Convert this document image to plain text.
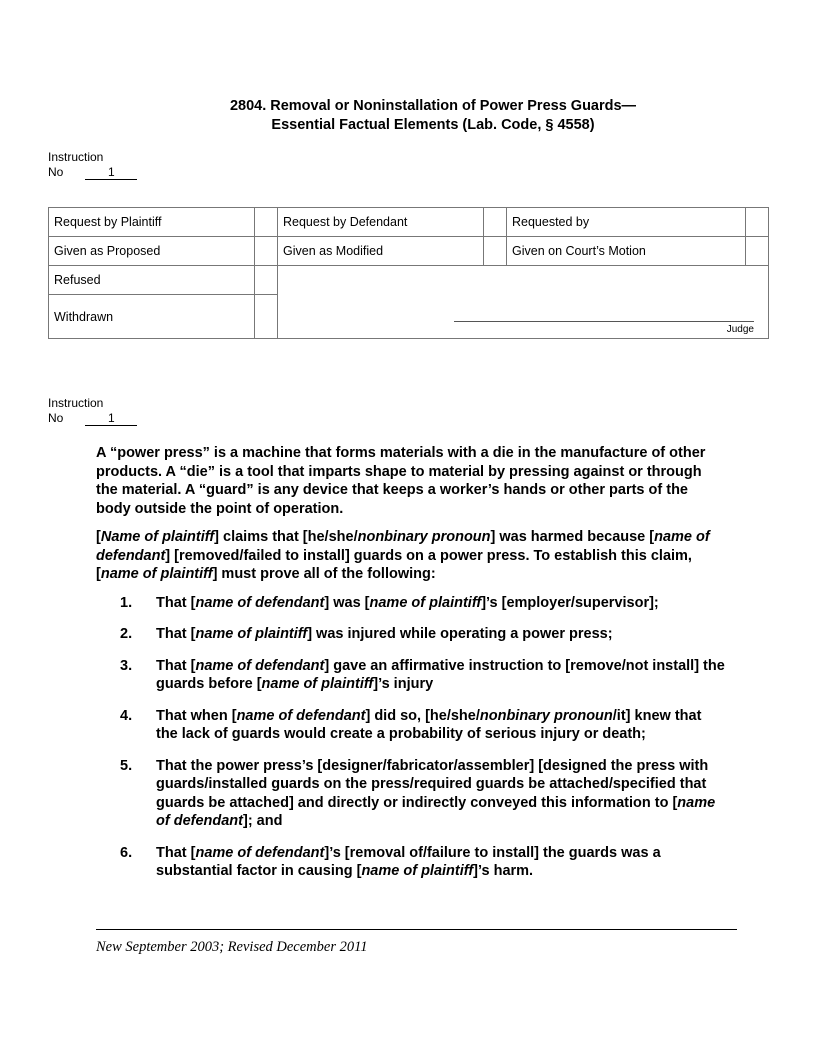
2804. Removal or Noninstallation of Power Press Guards—
Essential Factual Elements (Lab. Code, § 4558)
Instruction
No	1
Request by Plaintiff		Request by Defendant		Requested by	
Given as Proposed		Given as Modified		Given on Court’s Motion	
Refused		Judge			

Withdrawn					
Instruction
No	1

A “power press” is a machine that forms materials with a die in the manufacture of other products. A “die” is a tool that imparts shape to material by pressing against or through the material. A “guard” is any device that keeps a worker’s hands or other parts of the body outside the point of operation.

[Name of plaintiff] claims that [he/she/nonbinary pronoun] was harmed because [name of defendant] [removed/failed to install] guards on a power press. To establish this claim, [name of plaintiff] must prove all of the following:

1. That [name of defendant] was [name of plaintiff]’s [employer/supervisor];
2. That [name of plaintiff] was injured while operating a power press;
3. That [name of defendant] gave an affirmative instruction to [remove/not install] the guards before [name of plaintiff]’s injury
4. That when [name of defendant] did so, [he/she/nonbinary pronoun/it] knew that the lack of guards would create a probability of serious injury or death;
5. That the power press’s [designer/fabricator/assembler] [designed the press with guards/installed guards on the press/required guards be attached/specified that guards be attached] and directly or indirectly conveyed this information to [name of defendant]; and
6. That [name of defendant]’s [removal of/failure to install] the guards was a substantial factor in causing [name of plaintiff]’s harm.
New September 2003; Revised December 2011
